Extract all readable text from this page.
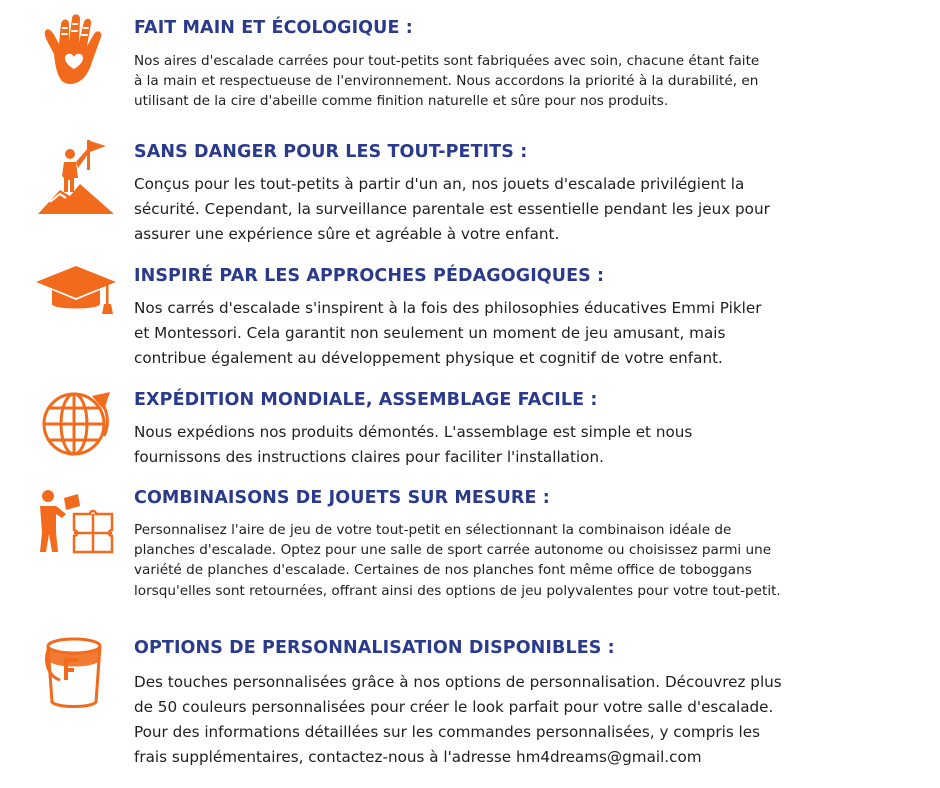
FAIT MAIN ET ÉCOLOGIQUE :

Nos aires d'escalade carrées pour tout-petits sont fabriquées avec soin, chacune étant faite
à la main et respectueuse de l'environnement. Nous accordons la priorité à la durabilité, en
utilisant de la cire d'abeille comme finition naturelle et sûre pour nos produits.

SANS DANGER POUR LES TOUT-PETITS :

Conçus pour les tout-petits à partir d'un an, nos jouets d'escalade privilégient la
sécurité. Cependant, la surveillance parentale est essentielle pendant les jeux pour
assurer une expérience sûre et agréable à votre enfant.

INSPIRÉ PAR LES APPROCHES PÉDAGOGIQUES :

Nos carrés d'escalade s'inspirent à la fois des philosophies éducatives Emmi Pikler
et Montessori. Cela garantit non seulement un moment de jeu amusant, mais
contribue également au développement physique et cognitif de votre enfant.

EXPÉDITION MONDIALE, ASSEMBLAGE FACILE :

Nous expédions nos produits démontés. L'assemblage est simple et nous
fournissons des instructions claires pour faciliter l'installation.

COMBINAISONS DE JOUETS SUR MESURE :

Personnalisez l'aire de jeu de votre tout-petit en sélectionnant la combinaison idéale de
planches d'escalade. Optez pour une salle de sport carrée autonome ou choisissez parmi une
variété de planches d'escalade. Certaines de nos planches font même office de toboggans
lorsqu'elles sont retournées, offrant ainsi des options de jeu polyvalentes pour votre tout-petit.

OPTIONS DE PERSONNALISATION DISPONIBLES :

Des touches personnalisées grâce à nos options de personnalisation. Découvrez plus
de 50 couleurs personnalisées pour créer le look parfait pour votre salle d'escalade.
Pour des informations détaillées sur les commandes personnalisées, y compris les
frais supplémentaires, contactez-nous à l'adresse hm4dreams@gmail.com
